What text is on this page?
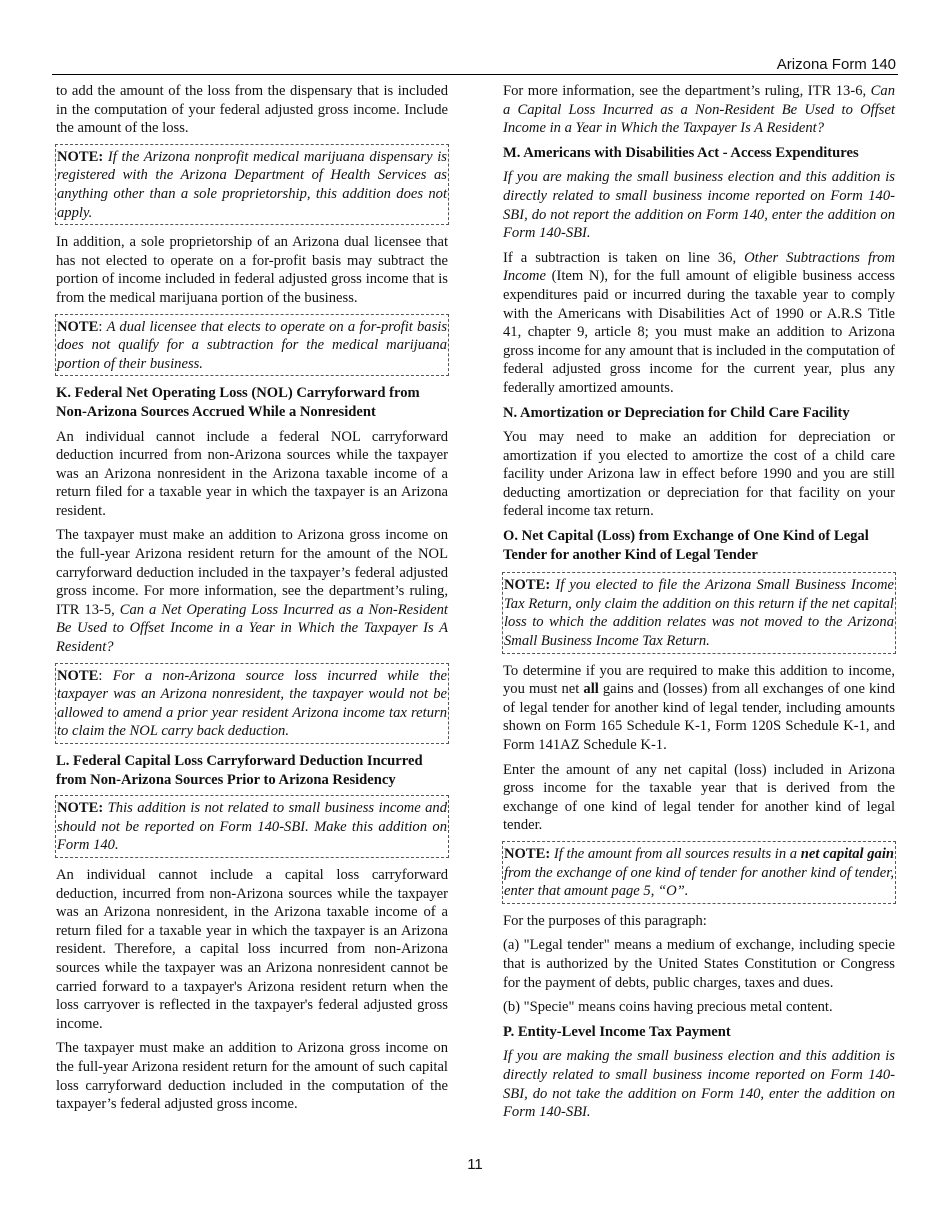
Arizona Form 140

to add the amount of the loss from the dispensary that is included in the computation of your federal adjusted gross income. Include the amount of the loss.

NOTE: If the Arizona nonprofit medical marijuana dispensary is registered with the Arizona Department of Health Services as anything other than a sole proprietorship, this addition does not apply.

In addition, a sole proprietorship of an Arizona dual licensee that has not elected to operate on a for-profit basis may subtract the portion of income included in federal adjusted gross income that is from the medical marijuana portion of the business.

NOTE: A dual licensee that elects to operate on a for-profit basis does not qualify for a subtraction for the medical marijuana portion of their business.

K. Federal Net Operating Loss (NOL) Carryforward from Non-Arizona Sources Accrued While a Nonresident

An individual cannot include a federal NOL carryforward deduction incurred from non-Arizona sources while the taxpayer was an Arizona nonresident in the Arizona taxable income of a return filed for a taxable year in which the taxpayer is an Arizona resident.

The taxpayer must make an addition to Arizona gross income on the full-year Arizona resident return for the amount of the NOL carryforward deduction included in the taxpayer’s federal adjusted gross income. For more information, see the department’s ruling, ITR 13-5, Can a Net Operating Loss Incurred as a Non-Resident Be Used to Offset Income in a Year in Which the Taxpayer Is A Resident?

NOTE: For a non-Arizona source loss incurred while the taxpayer was an Arizona nonresident, the taxpayer would not be allowed to amend a prior year resident Arizona income tax return to claim the NOL carry back deduction.

L. Federal Capital Loss Carryforward Deduction Incurred from Non-Arizona Sources Prior to Arizona Residency

NOTE: This addition is not related to small business income and should not be reported on Form 140-SBI. Make this addition on Form 140.

An individual cannot include a capital loss carryforward deduction, incurred from non-Arizona sources while the taxpayer was an Arizona nonresident, in the Arizona taxable income of a return filed for a taxable year in which the taxpayer is an Arizona resident. Therefore, a capital loss incurred from non-Arizona sources while the taxpayer was an Arizona nonresident cannot be carried forward to a taxpayer's Arizona resident return when the loss carryover is reflected in the taxpayer's federal adjusted gross income.

The taxpayer must make an addition to Arizona gross income on the full-year Arizona resident return for the amount of such capital loss carryforward deduction included in the computation of the taxpayer’s federal adjusted gross income.

For more information, see the department’s ruling, ITR 13-6, Can a Capital Loss Incurred as a Non-Resident Be Used to Offset Income in a Year in Which the Taxpayer Is A Resident?

M. Americans with Disabilities Act - Access Expenditures

If you are making the small business election and this addition is directly related to small business income reported on Form 140-SBI, do not report the addition on Form 140, enter the addition on Form 140-SBI.

If a subtraction is taken on line 36, Other Subtractions from Income (Item N), for the full amount of eligible business access expenditures paid or incurred during the taxable year to comply with the Americans with Disabilities Act of 1990 or A.R.S Title 41, chapter 9, article 8; you must make an addition to Arizona gross income for any amount that is included in the computation of federal adjusted gross income for the current year, plus any federally amortized amounts.

N. Amortization or Depreciation for Child Care Facility

You may need to make an addition for depreciation or amortization if you elected to amortize the cost of a child care facility under Arizona law in effect before 1990 and you are still deducting amortization or depreciation for that facility on your federal income tax return.

O. Net Capital (Loss) from Exchange of One Kind of Legal Tender for another Kind of Legal Tender

NOTE: If you elected to file the Arizona Small Business Income Tax Return, only claim the addition on this return if the net capital loss to which the addition relates was not moved to the Arizona Small Business Income Tax Return.

To determine if you are required to make this addition to income, you must net all gains and (losses) from all exchanges of one kind of legal tender for another kind of legal tender, including amounts shown on Form 165 Schedule K-1, Form 120S Schedule K-1, and Form 141AZ Schedule K-1.

Enter the amount of any net capital (loss) included in Arizona gross income for the taxable year that is derived from the exchange of one kind of legal tender for another kind of legal tender.

NOTE: If the amount from all sources results in a net capital gain from the exchange of one kind of tender for another kind of tender, enter that amount page 5, “O”.

For the purposes of this paragraph:

(a) "Legal tender" means a medium of exchange, including specie that is authorized by the United States Constitution or Congress for the payment of debts, public charges, taxes and dues.

(b) "Specie" means coins having precious metal content.

P. Entity-Level Income Tax Payment

If you are making the small business election and this addition is directly related to small business income reported on Form 140-SBI, do not take the addition on Form 140, enter the addition on Form 140-SBI.

11
